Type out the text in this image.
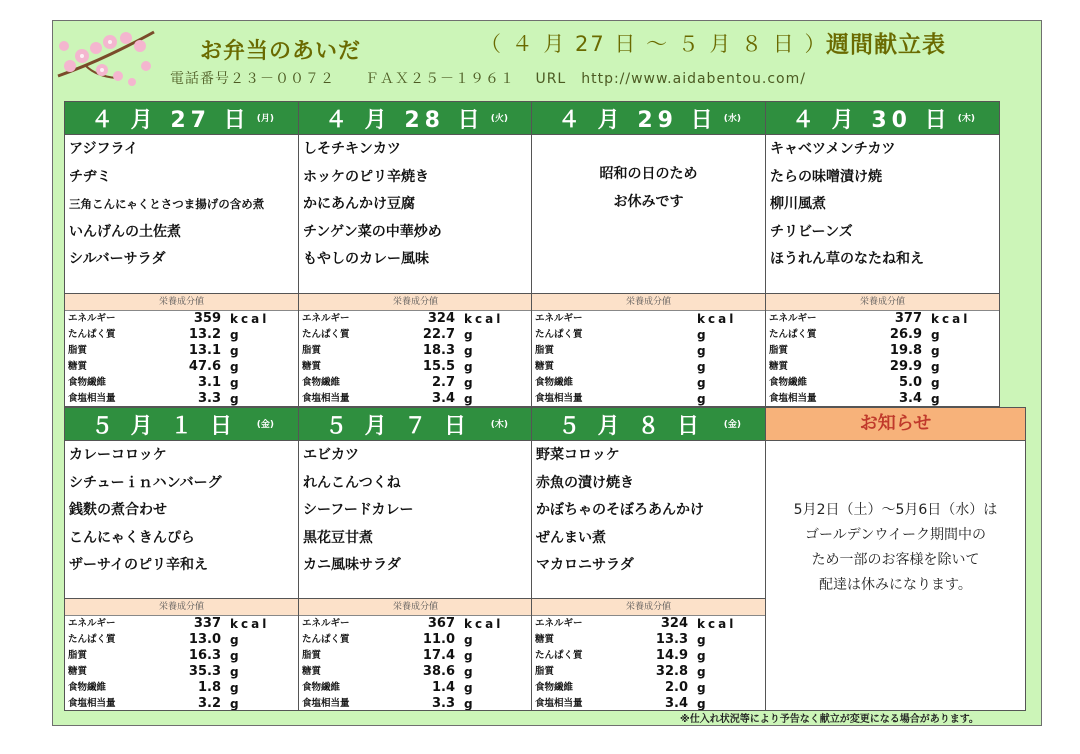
お弁当のあいだ	（ ４ 月 27 日 ～ ５ 月 ８ 日 ）
週間献立表
電話番号２３－００７２　　ＦＡＸ２５－１９６１　 URL　http://www.aidabentou.com/
お知らせ
5月2日（土）～5月6日（水）は
ゴールデンウイーク期間中の
ため一部のお客様を除いて
配達は休みになります。
４ 月 27 日 (月)
アジフライ
チヂミ
三角こんにゃくとさつま揚げの含め煮
いんげんの土佐煮
シルバーサラダ
栄養成分値
エネルギー	359 kcal
たんぱく質	13.2 g
脂質	13.1 g
糖質	47.6 g
食物繊維	3.1 g
食塩相当量	3.3 g
４ 月 28 日 (火)
しそチキンカツ
ホッケのピリ辛焼き
かにあんかけ豆腐
チンゲン菜の中華炒め
もやしのカレー風味
栄養成分値
エネルギー	324 kcal
たんぱく質	22.7 g
脂質	18.3 g
糖質	15.5 g
食物繊維	2.7 g
食塩相当量	3.4 g
４ 月 29 日 (水)
昭和の日のため
お休みです
栄養成分値
エネルギー	kcal
たんぱく質	g
脂質	g
糖質	g
食物繊維	g
食塩相当量	g
４ 月 30 日 (木)
キャベツメンチカツ
たらの味噌漬け焼
柳川風煮
チリビーンズ
ほうれん草のなたね和え
栄養成分値
エネルギー	377 kcal
たんぱく質	26.9 g
脂質	19.8 g
糖質	29.9 g
食物繊維	5.0 g
食塩相当量	3.4 g
５ 月 １ 日 (金)
カレーコロッケ
シチューｉｎハンバーグ
銭麩の煮合わせ
こんにゃくきんぴら
ザーサイのピリ辛和え
栄養成分値
エネルギー	337 kcal
たんぱく質	13.0 g
脂質	16.3 g
糖質	35.3 g
食物繊維	1.8 g
食塩相当量	3.2 g
５ 月 ７ 日 (木)
エビカツ
れんこんつくね
シーフードカレー
黒花豆甘煮
カニ風味サラダ
栄養成分値
エネルギー	367 kcal
たんぱく質	11.0 g
脂質	17.4 g
糖質	38.6 g
食物繊維	1.4 g
食塩相当量	3.3 g
５ 月 ８ 日 (金)
野菜コロッケ
赤魚の漬け焼き
かぼちゃのそぼろあんかけ
ぜんまい煮
マカロニサラダ
栄養成分値
エネルギー	324 kcal
糖質	13.3 g
たんぱく質	14.9 g
脂質	32.8 g
食物繊維	2.0 g
食塩相当量	3.4 g
※仕入れ状況等により予告なく献立が変更になる場合があります。
